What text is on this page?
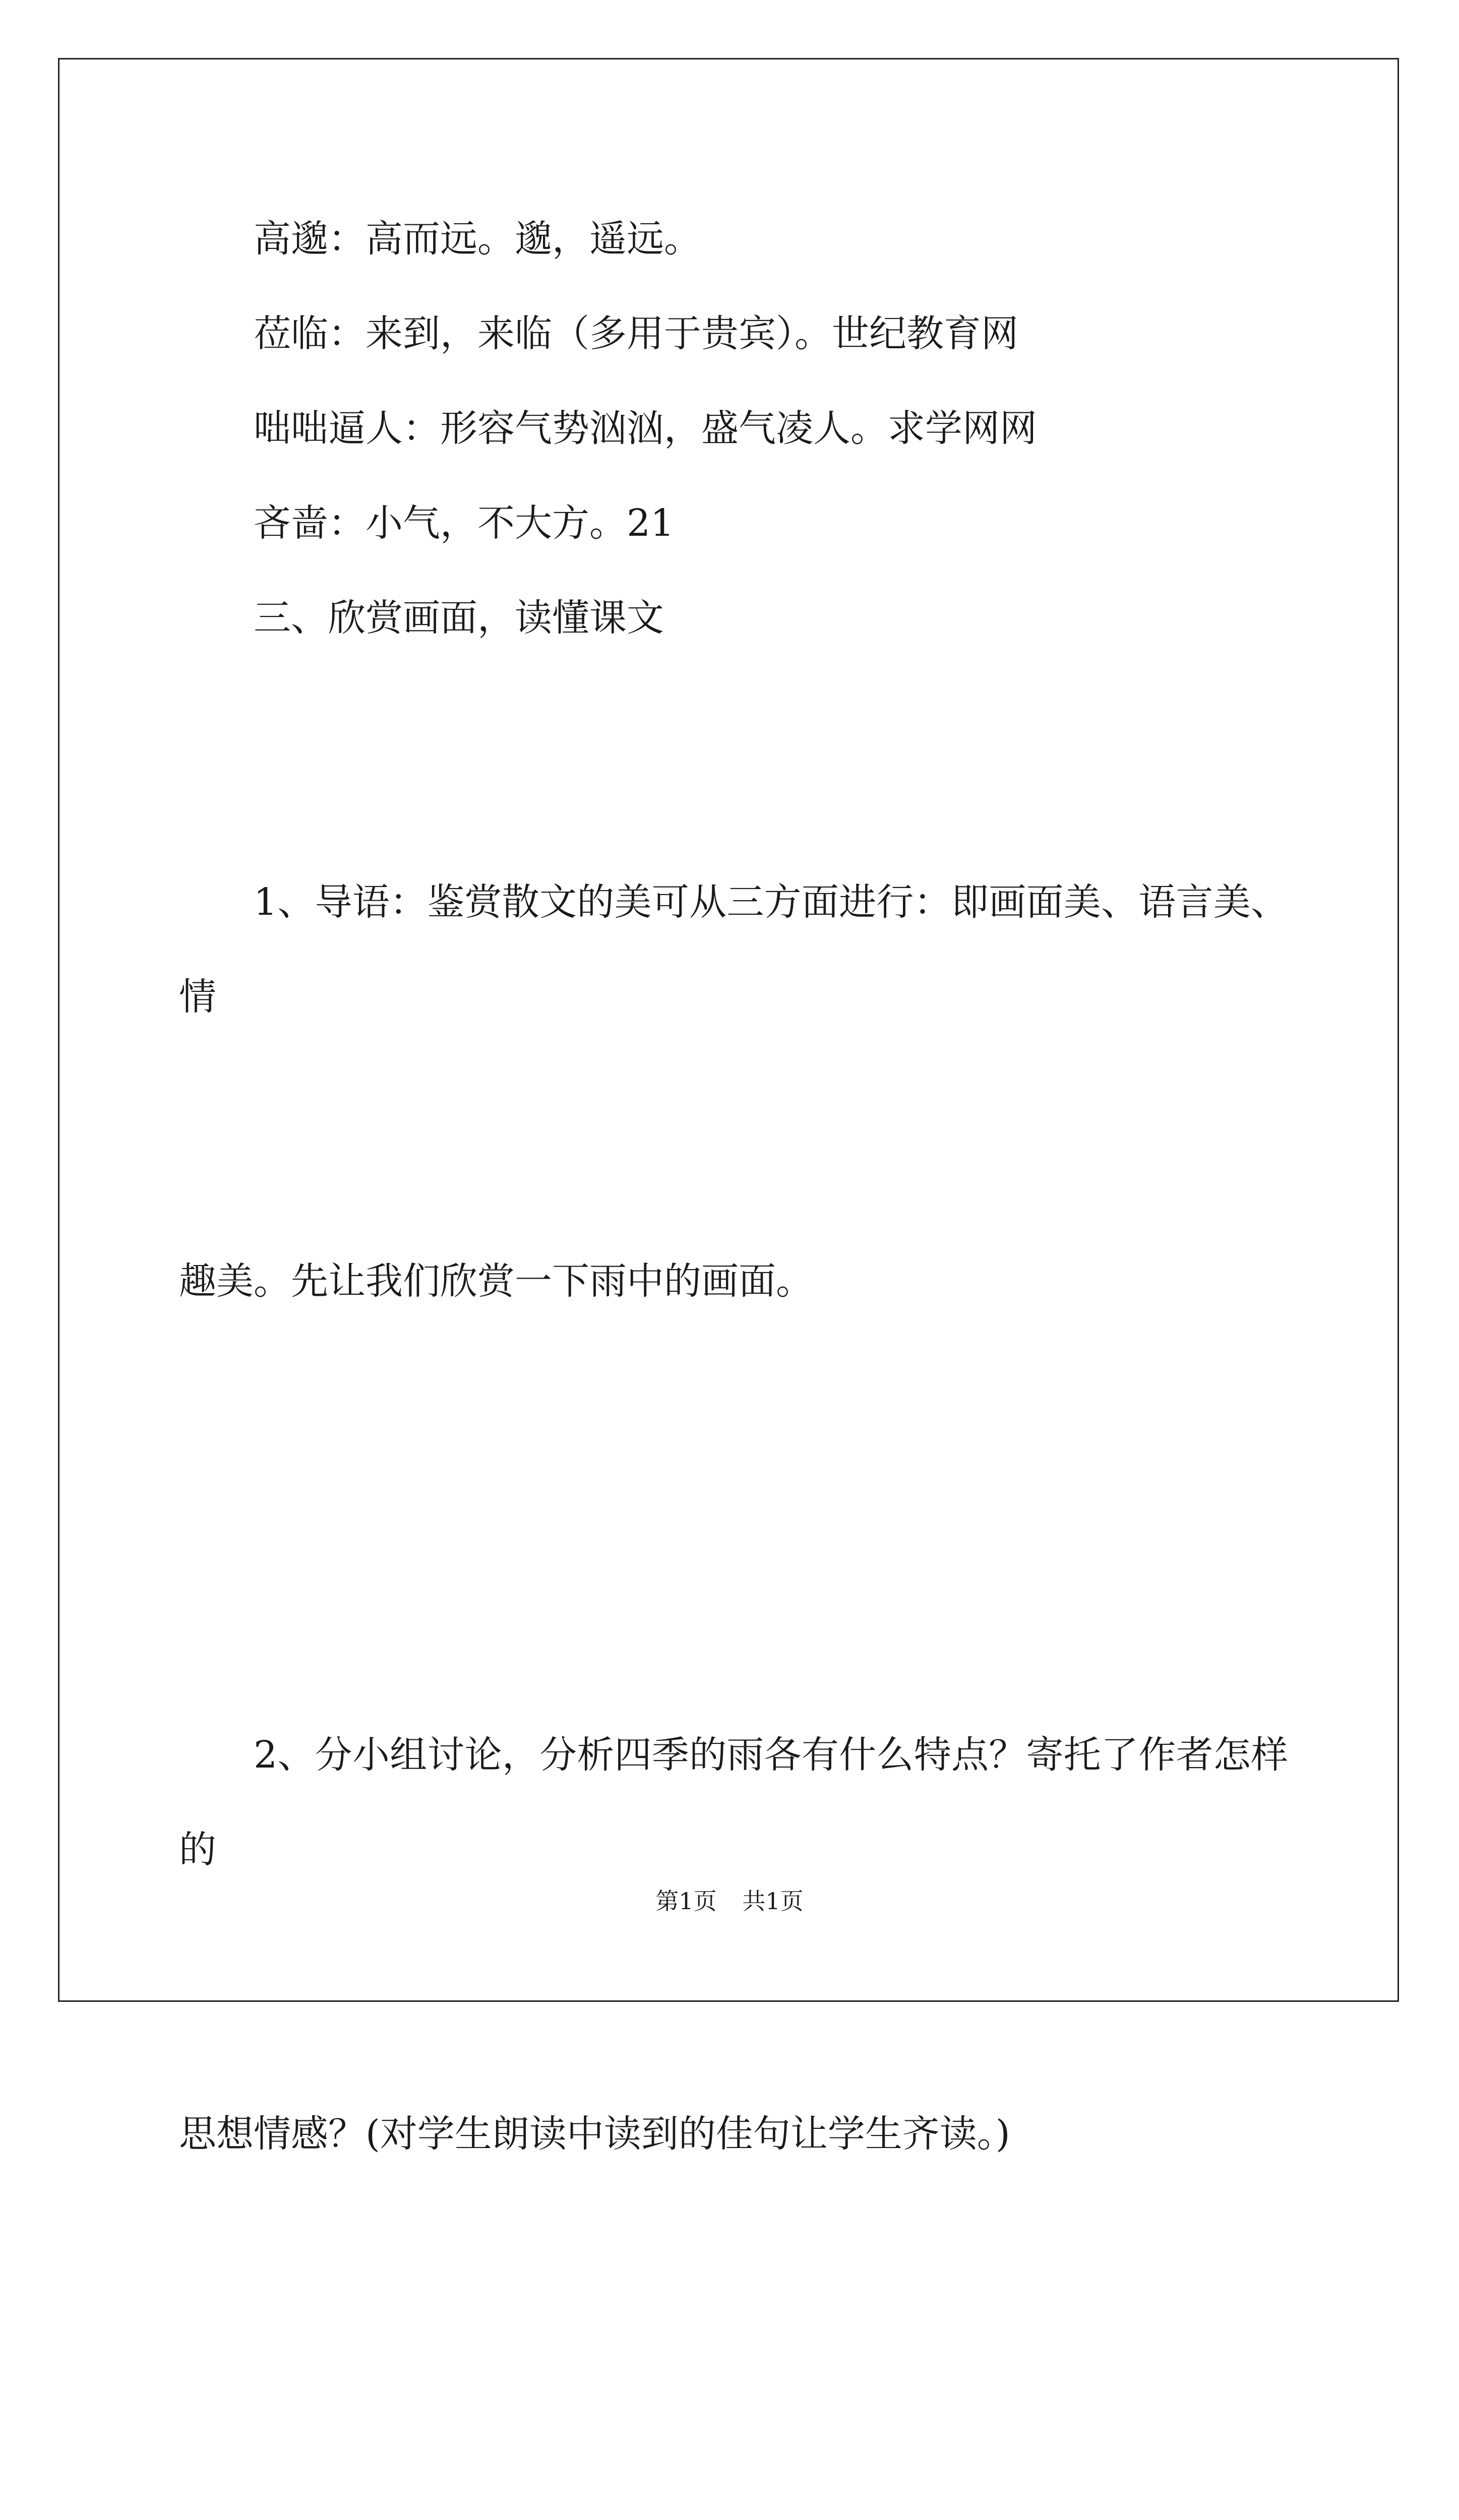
高邈：高而远。邈，遥远。
莅临：来到，来临（多用于贵宾）。世纪教育网
咄咄逼人：形容气势汹汹，盛气凌人。求学网网
吝啬：小气，不大方。21
三、欣赏画面，读懂课文

1、导语：鉴赏散文的美可从三方面进行：即画面美、语言美、情

趣美。先让我们欣赏一下雨中的画面。

2、分小组讨论，分析四季的雨各有什么特点？寄托了作者怎样的

思想情感？(对学生朗读中读到的佳句让学生齐读。)

第1页 共1页
